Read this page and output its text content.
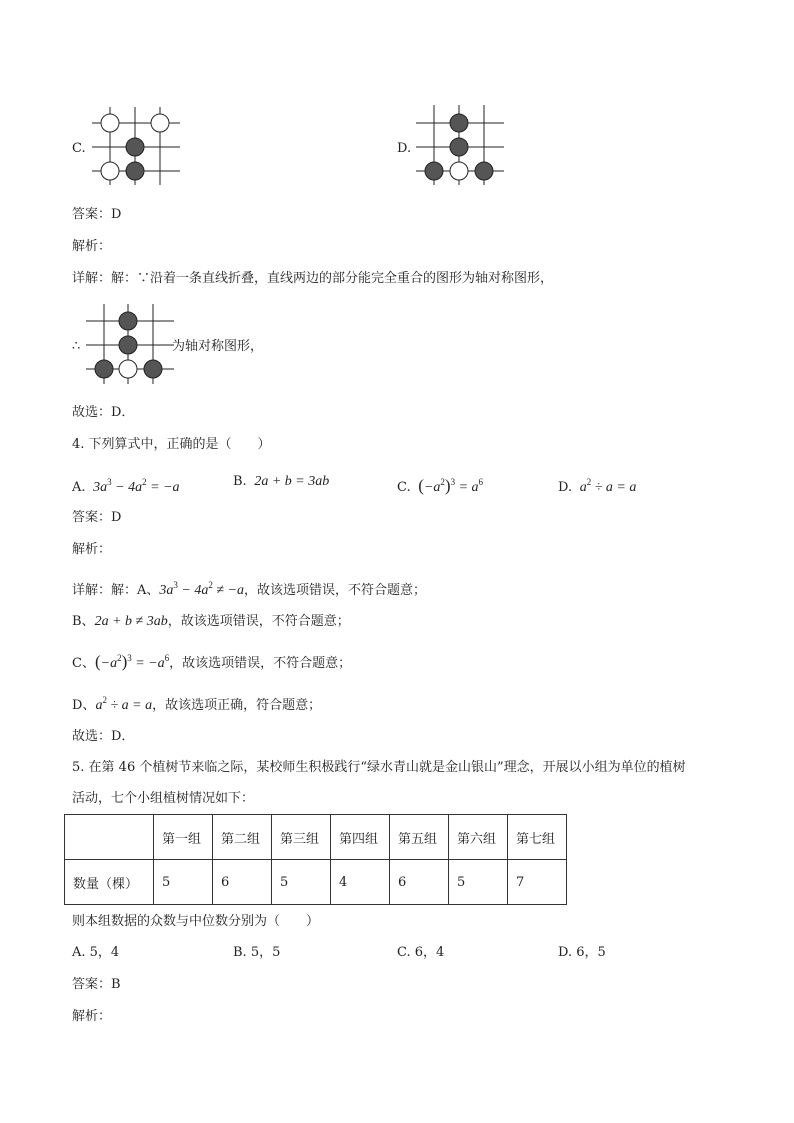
C.	D.
答案：D
解析：
详解：解：∵沿着一条直线折叠，直线两边的部分能完全重合的图形为轴对称图形，
∴	为轴对称图形，
故选：D．
4. 下列算式中，正确的是（　　）
A.  $3a^3 - 4a^2 = -a$	B.  2a + b = 3ab	C. $(-a^2)^3 = a^6$	D. $a^2 \div a = a$
答案：D
解析：
详解：解：A、$3a^3 - 4a^2 \ne -a$，故该选项错误，不符合题意；
B、2a + b ≠ 3ab，故该选项错误，不符合题意；
C、$(-a^2)^3 = -a^6$，故该选项错误，不符合题意；
D、$a^2 \div a = a$，故该选项正确，符合题意；
故选：D．
5. 在第 46 个植树节来临之际，某校师生积极践行“绿水青山就是金山银山”理念，开展以小组为单位的植树
活动，七个小组植树情况如下：
	第一组	第二组	第三组	第四组	第五组	第六组	第七组
数量（棵）	5	6	5	4	6	5	7
则本组数据的众数与中位数分别为（　　）
A. 5，4	B. 5，5	C. 6，4	D. 6，5
答案：B
解析：
